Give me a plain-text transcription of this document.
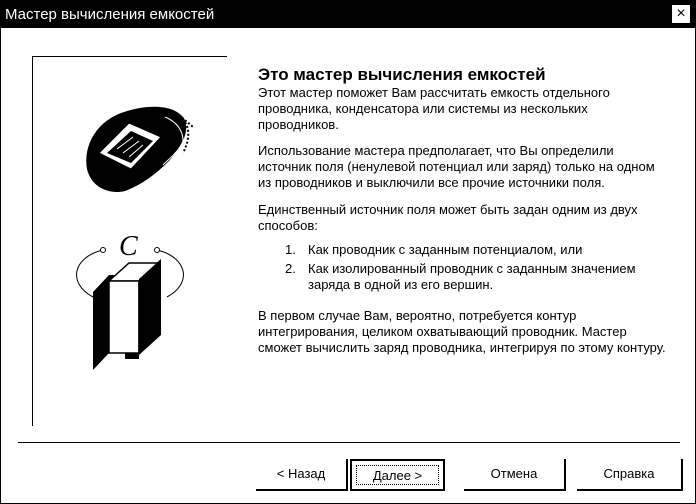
Мастер вычисления емкостей	×
C
Это мастер вычисления емкостей

Этот мастер поможет Вам рассчитать емкость отдельного проводника, конденсатора или системы из нескольких проводников.

Использование мастера предполагает, что Вы определили источник поля (ненулевой потенциал или заряд) только на одном из проводников и выключили все прочие источники поля.

Единственный источник поля может быть задан одним из двух способов:

1. Как проводник с заданным потенциалом, или
2. Как изолированный проводник с заданным значением заряда в одной из его вершин.

В первом случае Вам, вероятно, потребуется контур интегрирования, целиком охватывающий проводник. Мастер сможет вычислить заряд проводника, интегрируя по этому контуру.

< Назад	Далее >	Отмена	Справка
